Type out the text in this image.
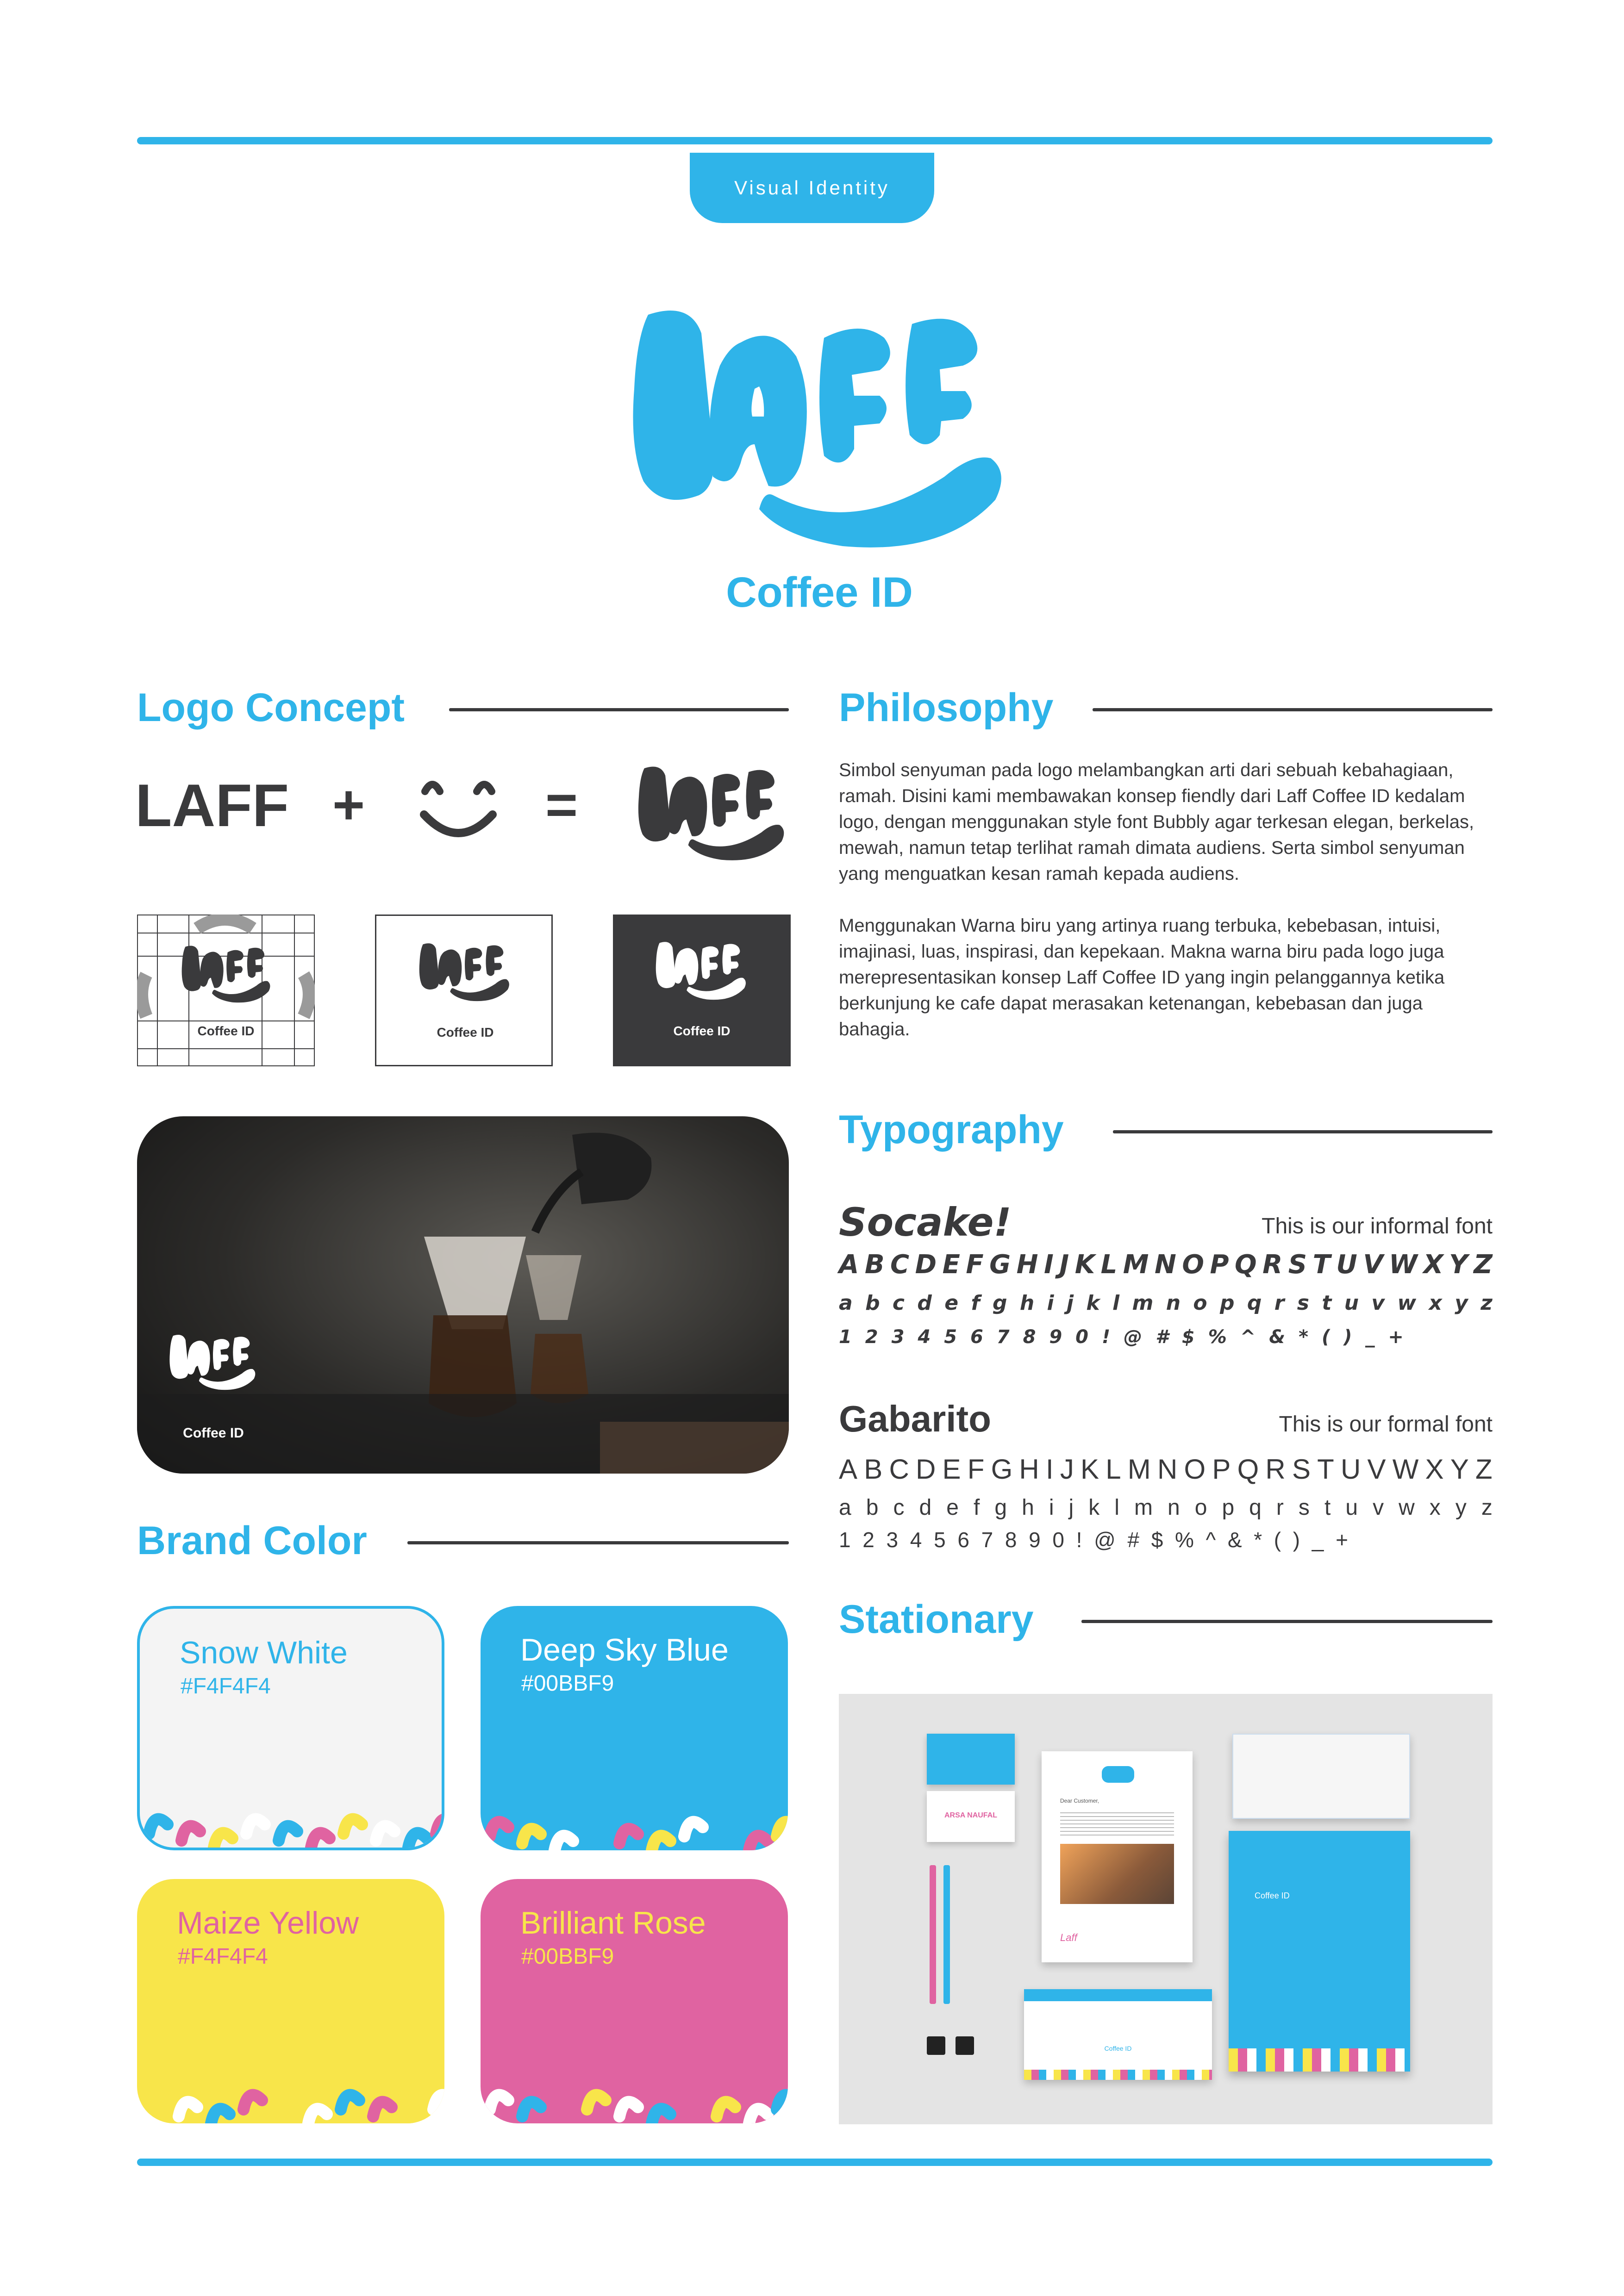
Visual Identity
Coffee ID
Logo Concept
LAFF +	=
Coffee ID	Coffee ID	Coffee ID
Coffee ID
Brand Color
Snow White
#F4F4F4
Deep Sky Blue
#00BBF9
Maize Yellow
#F4F4F4
Brilliant Rose
#00BBF9
Philosophy

Simbol senyuman pada logo melambangkan arti dari sebuah kebahagiaan, ramah. Disini kami membawakan konsep fiendly dari Laff Coffee ID kedalam logo, dengan menggunakan style font Bubbly agar terkesan elegan, berkelas, mewah, namun tetap terlihat ramah dimata audiens. Serta simbol senyuman yang menguatkan kesan ramah kepada audiens.

Menggunakan Warna biru yang artinya ruang terbuka, kebebasan, intuisi, imajinasi, luas, inspirasi, dan kepekaan. Makna warna biru pada logo juga merepresentasikan konsep Laff Coffee ID yang ingin pelanggannya ketika berkunjung ke cafe dapat merasakan ketenangan, kebebasan dan juga bahagia.

Typography
Socake!	This is our informal font
A B C D E F G H I J K L M N O P Q R S T U V W X Y Z
a b c d e f g h i j k l m n o p q r s t u v w x y z
1 2 3 4 5 6 7 8 9 0 ! @ # $ % ^ & * ( ) _ +
Gabarito	This is our formal font
A B C D E F G H I J K L M N O P Q R S T U V W X Y Z
a b c d e f g h i j k l m n o p q r s t u v w x y z
1 2 3 4 5 6 7 8 9 0 ! @ # $ % ^ & * ( ) _ +
Stationary
ARSA NAUFAL
Dear Customer,
Laff
Coffee ID
Coffee ID
